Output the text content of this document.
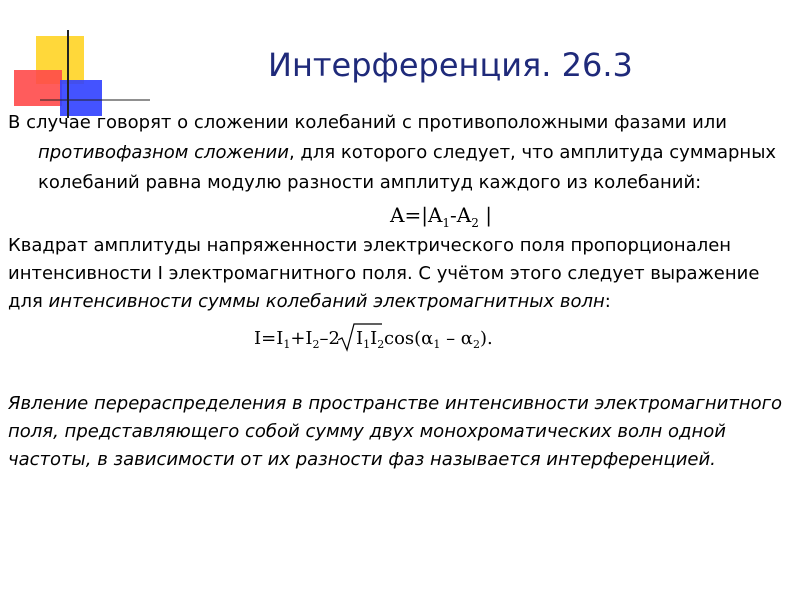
Интерференция. 26.3

В случае говорят о сложении колебаний с противоположными фазами или противофазном сложении, для которого следует, что амплитуда суммарных колебаний равна модулю разности амплитуд каждого из колебаний:

$A=|A_1-A_2$ |

Квадрат амплитуды напряженности электрического поля пропорционален интенсивности I электромагнитного поля. С учётом этого следует выражение для интенсивности суммы колебаний электромагнитных волн:

$I=I_1+I_2-2$ $I_1I_2$ $\cos(\alpha_1 - \alpha_2)$.

Явление перераспределения в пространстве интенсивности электромагнитного поля, представляющего собой сумму двух монохроматических волн одной частоты, в зависимости от их разности фаз называется интерференцией.
